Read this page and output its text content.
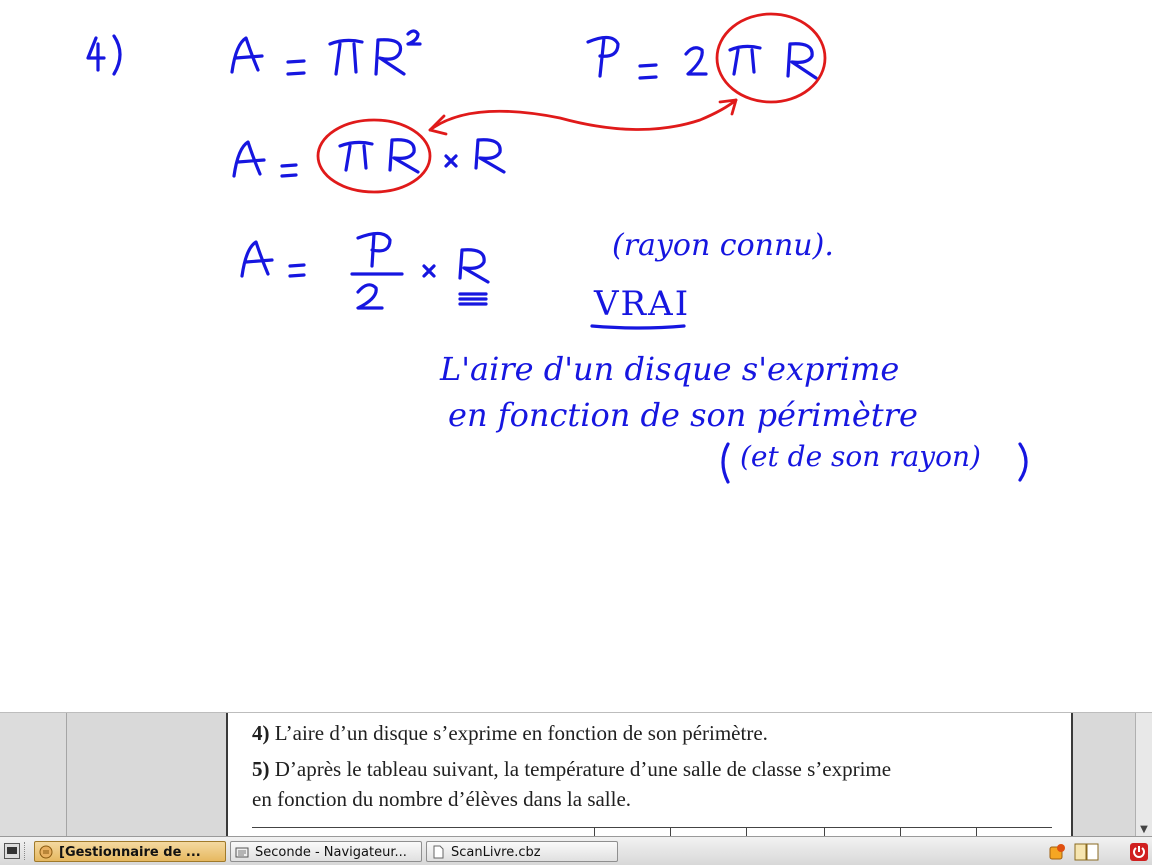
(rayon connu).
VRAI
L'aire d'un disque s'exprime
en fonction de son périmètre
(et de son rayon)
4) L’aire d’un disque s’exprime en fonction de son périmètre.
5) D’après le tableau suivant, la température d’une salle de classe s’exprime
en fonction du nombre d’élèves dans la salle.
▼
[Gestionnaire de ...	Seconde - Navigateur...	ScanLivre.cbz
